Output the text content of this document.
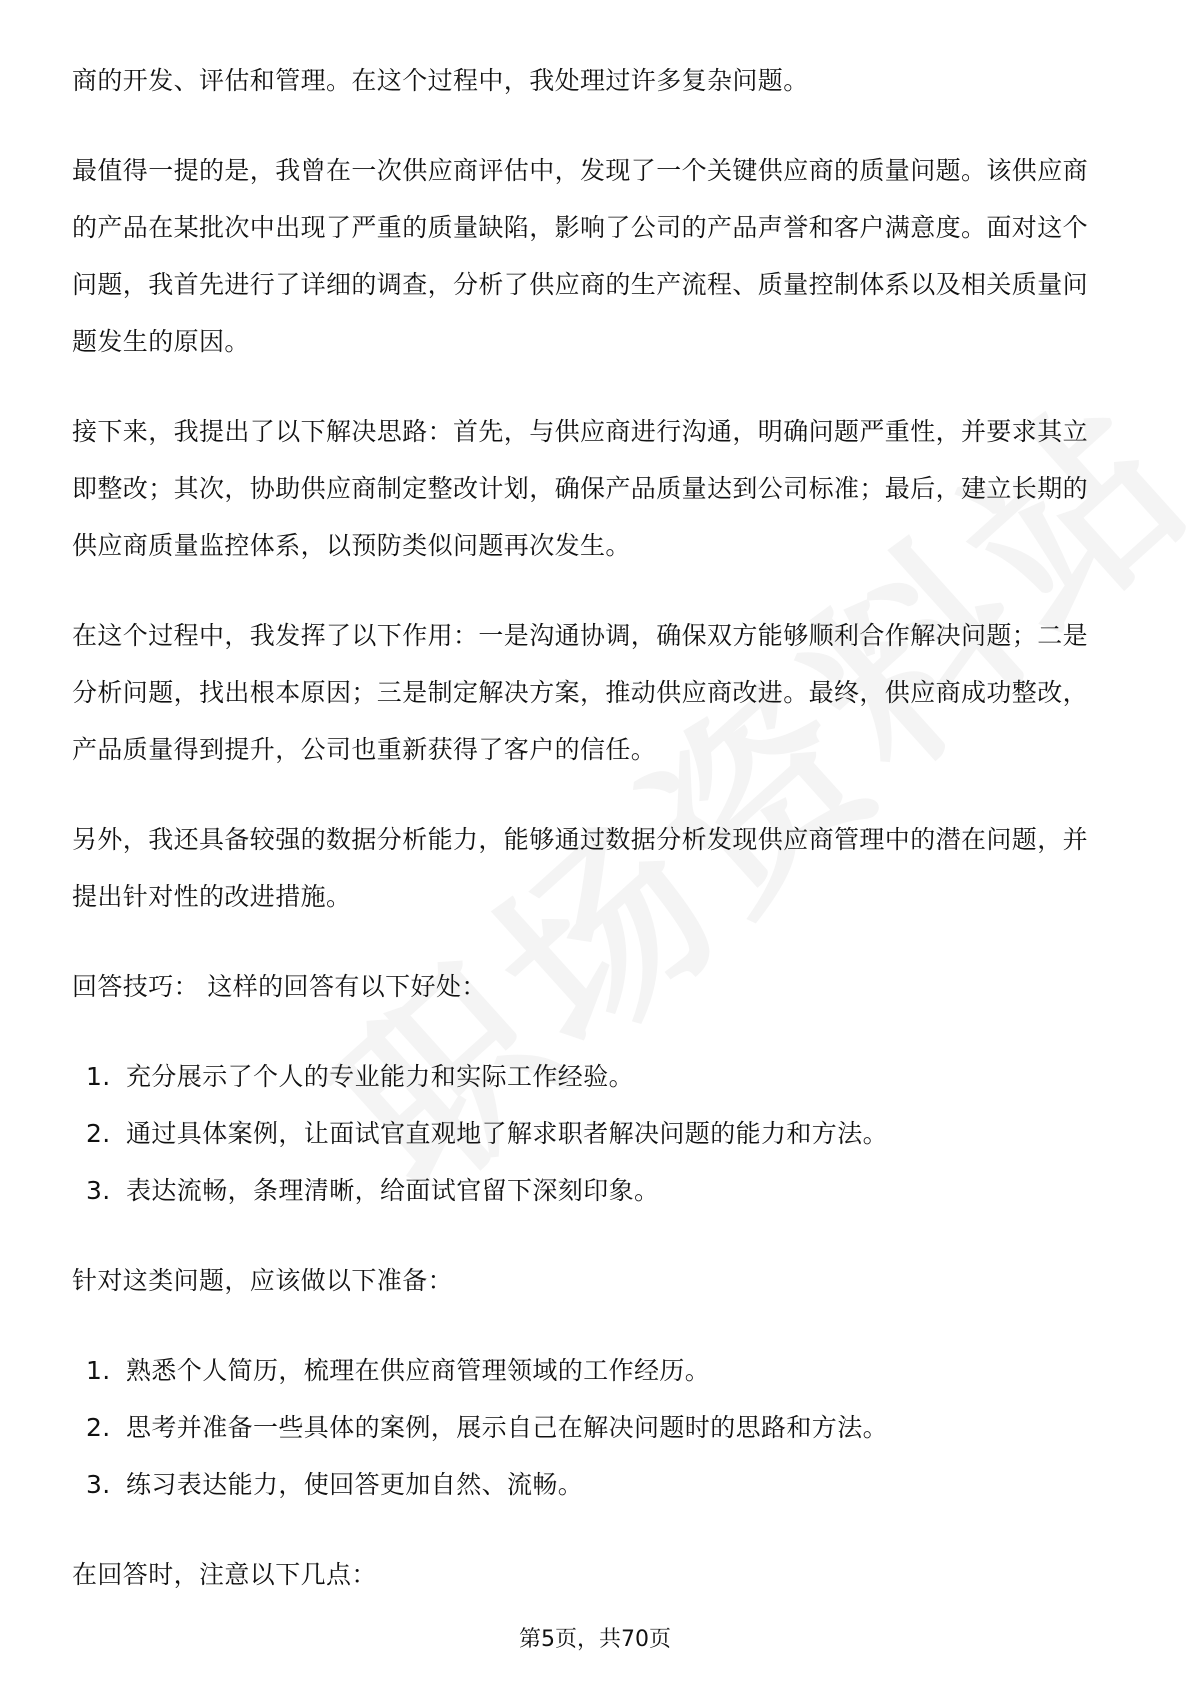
商的开发、评估和管理。在这个过程中，我处理过许多复杂问题。

最值得一提的是，我曾在一次供应商评估中，发现了一个关键供应商的质量问题。该供应商的产品在某批次中出现了严重的质量缺陷，影响了公司的产品声誉和客户满意度。面对这个问题，我首先进行了详细的调查，分析了供应商的生产流程、质量控制体系以及相关质量问题发生的原因。

接下来，我提出了以下解决思路：首先，与供应商进行沟通，明确问题严重性，并要求其立即整改；其次，协助供应商制定整改计划，确保产品质量达到公司标准；最后，建立长期的供应商质量监控体系，以预防类似问题再次发生。

在这个过程中，我发挥了以下作用：一是沟通协调，确保双方能够顺利合作解决问题；二是分析问题，找出根本原因；三是制定解决方案，推动供应商改进。最终，供应商成功整改，产品质量得到提升，公司也重新获得了客户的信任。

另外，我还具备较强的数据分析能力，能够通过数据分析发现供应商管理中的潜在问题，并提出针对性的改进措施。

回答技巧： 这样的回答有以下好处：

1. 充分展示了个人的专业能力和实际工作经验。
2. 通过具体案例，让面试官直观地了解求职者解决问题的能力和方法。
3. 表达流畅，条理清晰，给面试官留下深刻印象。

针对这类问题，应该做以下准备：

1. 熟悉个人简历，梳理在供应商管理领域的工作经历。
2. 思考并准备一些具体的案例，展示自己在解决问题时的思路和方法。
3. 练习表达能力，使回答更加自然、流畅。

在回答时，注意以下几点：

第5页，共70页
